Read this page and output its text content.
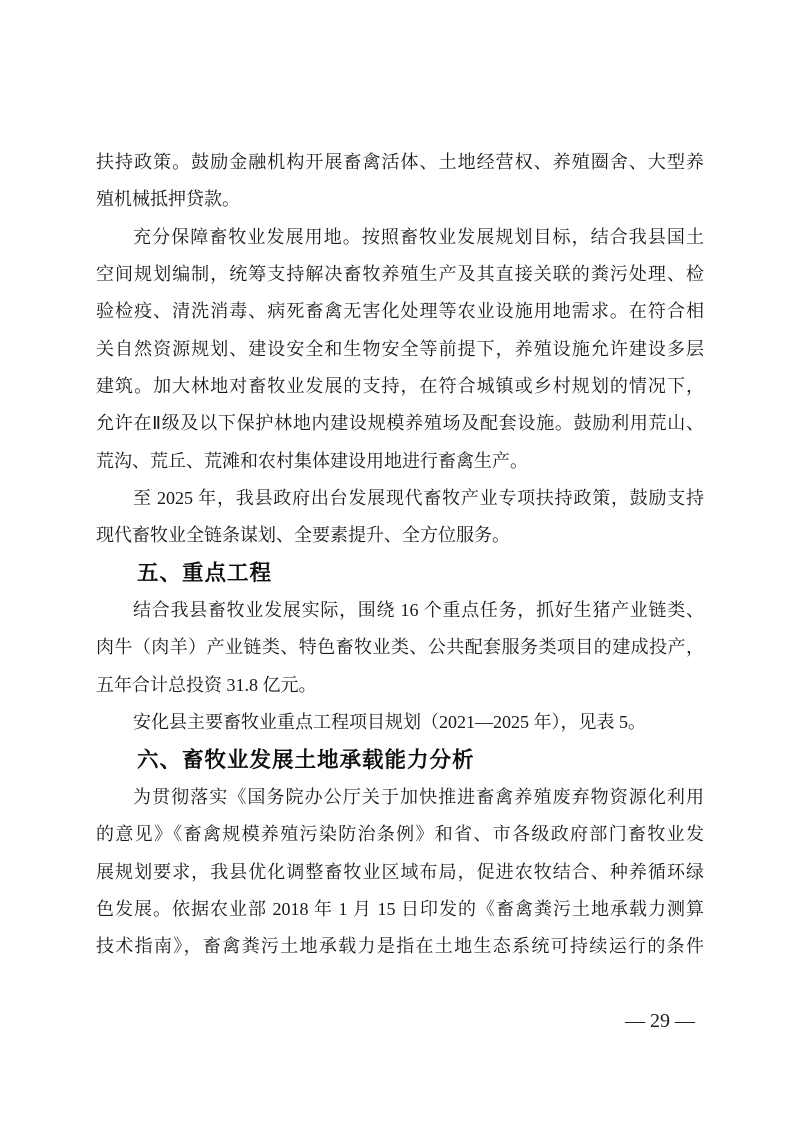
扶持政策。鼓励金融机构开展畜禽活体、土地经营权、养殖圈舍、大型养
殖机械抵押贷款。
充分保障畜牧业发展用地。按照畜牧业发展规划目标，结合我县国土
空间规划编制，统筹支持解决畜牧养殖生产及其直接关联的粪污处理、检
验检疫、清洗消毒、病死畜禽无害化处理等农业设施用地需求。在符合相
关自然资源规划、建设安全和生物安全等前提下，养殖设施允许建设多层
建筑。加大林地对畜牧业发展的支持，在符合城镇或乡村规划的情况下，
允许在Ⅱ级及以下保护林地内建设规模养殖场及配套设施。鼓励利用荒山、
荒沟、荒丘、荒滩和农村集体建设用地进行畜禽生产。
至 2025 年，我县政府出台发展现代畜牧产业专项扶持政策，鼓励支持
现代畜牧业全链条谋划、全要素提升、全方位服务。
五、重点工程
结合我县畜牧业发展实际，围绕 16 个重点任务，抓好生猪产业链类、
肉牛（肉羊）产业链类、特色畜牧业类、公共配套服务类项目的建成投产，
五年合计总投资 31.8 亿元。
安化县主要畜牧业重点工程项目规划（2021—2025 年），见表 5。
六、畜牧业发展土地承载能力分析
为贯彻落实《国务院办公厅关于加快推进畜禽养殖废弃物资源化利用
的意见》《畜禽规模养殖污染防治条例》和省、市各级政府部门畜牧业发
展规划要求，我县优化调整畜牧业区域布局，促进农牧结合、种养循环绿
色发展。依据农业部 2018 年 1 月 15 日印发的《畜禽粪污土地承载力测算
技术指南》，畜禽粪污土地承载力是指在土地生态系统可持续运行的条件
— 29 —
